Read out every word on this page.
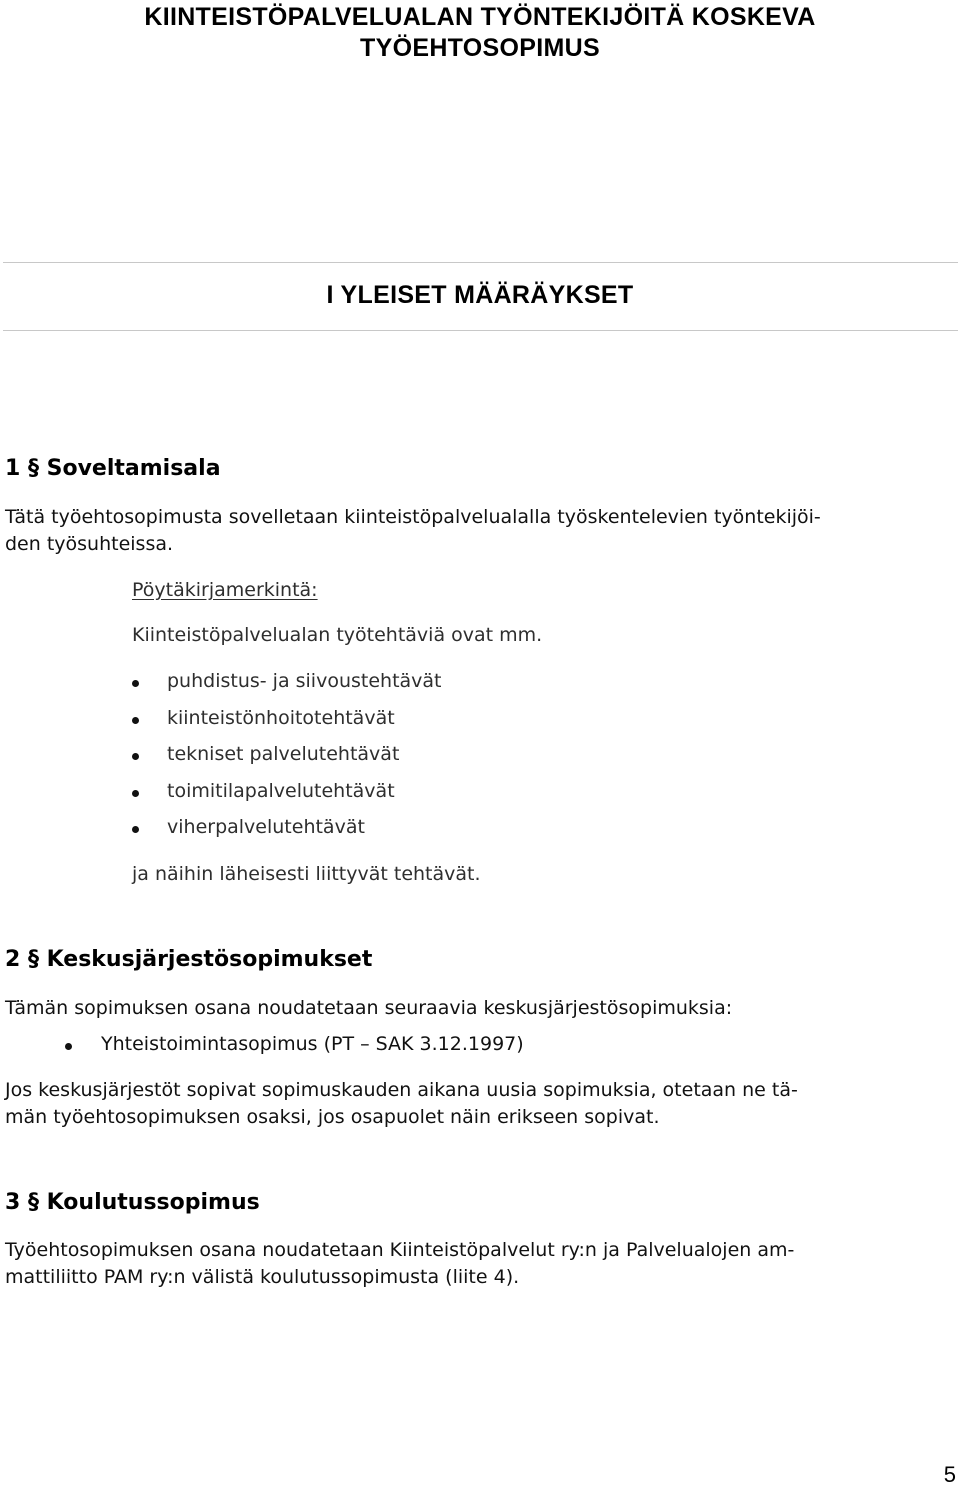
KIINTEISTÖPALVELUALAN TYÖNTEKIJÖITÄ KOSKEVA
TYÖEHTOSOPIMUS
I YLEISET MÄÄRÄYKSET
1 § Soveltamisala
Tätä työehtosopimusta sovelletaan kiinteistöpalvelualalla työskentelevien työntekijöi-
den työsuhteissa.
Pöytäkirjamerkintä:
Kiinteistöpalvelualan työtehtäviä ovat mm.
puhdistus- ja siivoustehtävät
kiinteistönhoitotehtävät
tekniset palvelutehtävät
toimitilapalvelutehtävät
viherpalvelutehtävät
ja näihin läheisesti liittyvät tehtävät.
2 § Keskusjärjestösopimukset
Tämän sopimuksen osana noudatetaan seuraavia keskusjärjestösopimuksia:
Yhteistoimintasopimus (PT – SAK 3.12.1997)
Jos keskusjärjestöt sopivat sopimuskauden aikana uusia sopimuksia, otetaan ne tä-
män työehtosopimuksen osaksi, jos osapuolet näin erikseen sopivat.
3 § Koulutussopimus
Työehtosopimuksen osana noudatetaan Kiinteistöpalvelut ry:n ja Palvelualojen am-
mattiliitto PAM ry:n välistä koulutussopimusta (liite 4).
5
